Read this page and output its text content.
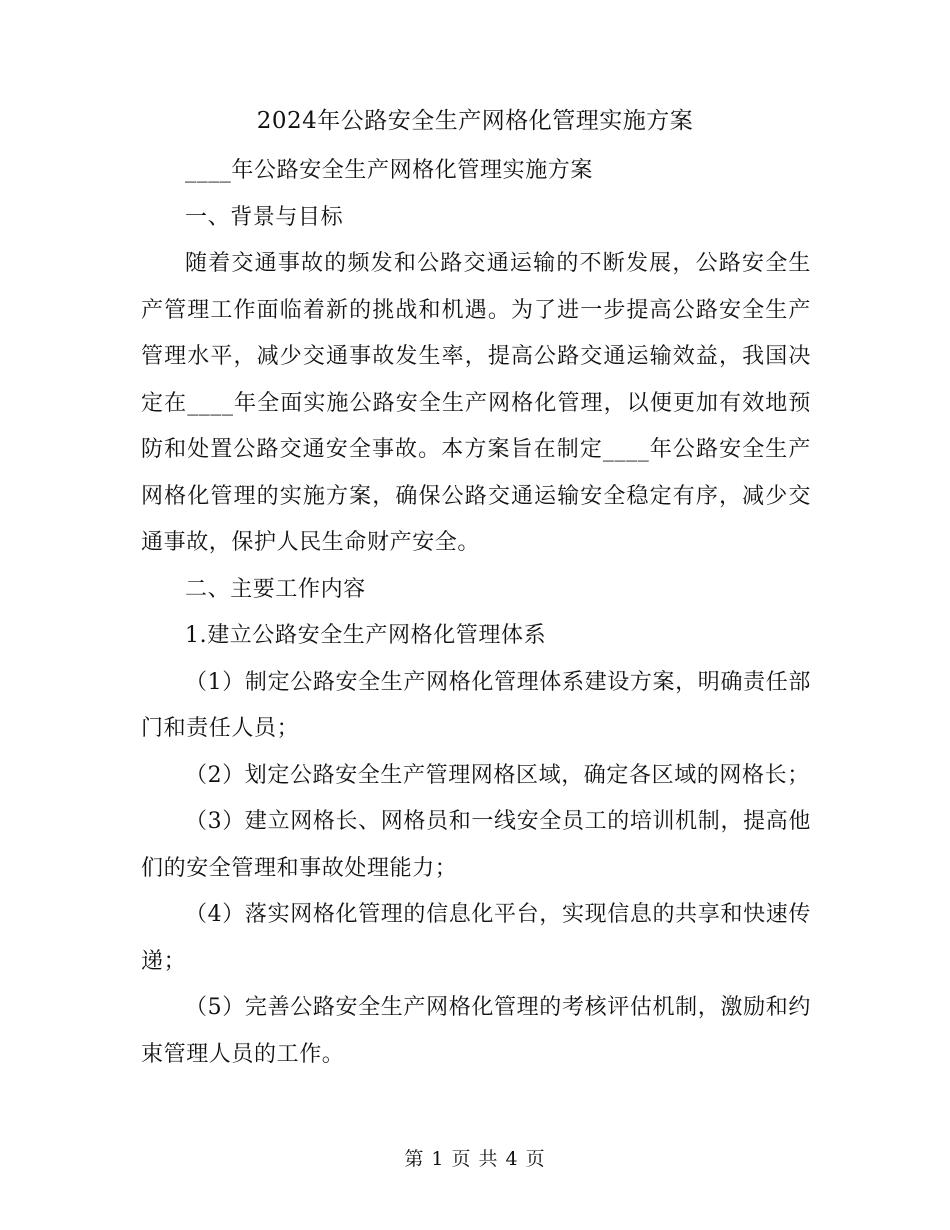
2024年公路安全生产网格化管理实施方案

____年公路安全生产网格化管理实施方案

一、背景与目标

随着交通事故的频发和公路交通运输的不断发展，公路安全生产管理工作面临着新的挑战和机遇。为了进一步提高公路安全生产管理水平，减少交通事故发生率，提高公路交通运输效益，我国决定在____年全面实施公路安全生产网格化管理，以便更加有效地预防和处置公路交通安全事故。本方案旨在制定____年公路安全生产网格化管理的实施方案，确保公路交通运输安全稳定有序，减少交通事故，保护人民生命财产安全。

二、主要工作内容

1.建立公路安全生产网格化管理体系

（1）制定公路安全生产网格化管理体系建设方案，明确责任部门和责任人员；

（2）划定公路安全生产管理网格区域，确定各区域的网格长；

（3）建立网格长、网格员和一线安全员工的培训机制，提高他们的安全管理和事故处理能力；

（4）落实网格化管理的信息化平台，实现信息的共享和快速传递；

（5）完善公路安全生产网格化管理的考核评估机制，激励和约束管理人员的工作。

第 1 页 共 4 页
